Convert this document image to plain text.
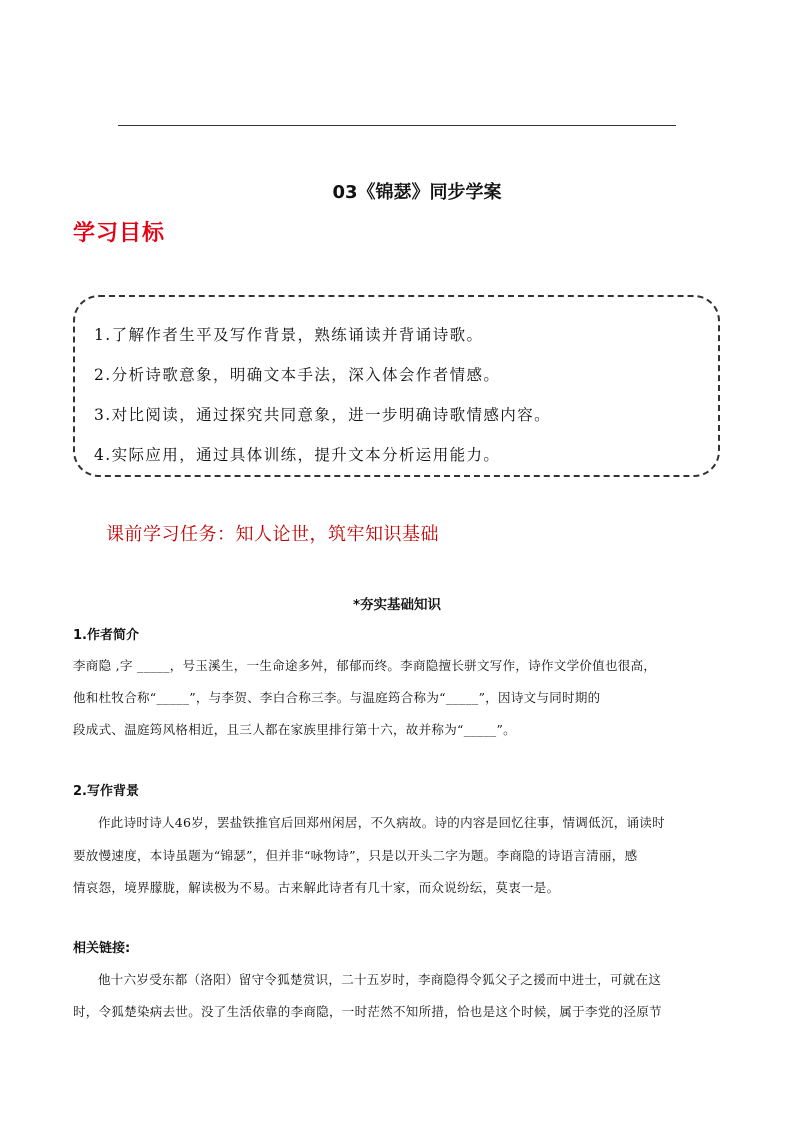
03《锦瑟》同步学案
学习目标
1.了解作者生平及写作背景，熟练诵读并背诵诗歌。
2.分析诗歌意象，明确文本手法，深入体会作者情感。
3.对比阅读，通过探究共同意象，进一步明确诗歌情感内容。
4.实际应用，通过具体训练，提升文本分析运用能力。
课前学习任务：知人论世，筑牢知识基础
*夯实基础知识
1.作者简介
李商隐 ,字 _____，号玉溪生，一生命途多舛，郁郁而终。李商隐擅长骈文写作，诗作文学价值也很高，
他和杜牧合称“_____”，与李贺、李白合称三李。与温庭筠合称为“_____”，因诗文与同时期的
段成式、温庭筠风格相近，且三人都在家族里排行第十六，故并称为“_____”。
2.写作背景
作此诗时诗人46岁，罢盐铁推官后回郑州闲居，不久病故。诗的内容是回忆往事，情调低沉，诵读时
要放慢速度，本诗虽题为“锦瑟”，但并非“咏物诗”，只是以开头二字为题。李商隐的诗语言清丽，感
情哀怨，境界朦胧，解读极为不易。古来解此诗者有几十家，而众说纷纭，莫衷一是。
相关链接:
他十六岁受东都（洛阳）留守令狐楚赏识，二十五岁时，李商隐得令狐父子之援而中进士，可就在这
时，令狐楚染病去世。没了生活依靠的李商隐，一时茫然不知所措，恰也是这个时候，属于李党的泾原节
